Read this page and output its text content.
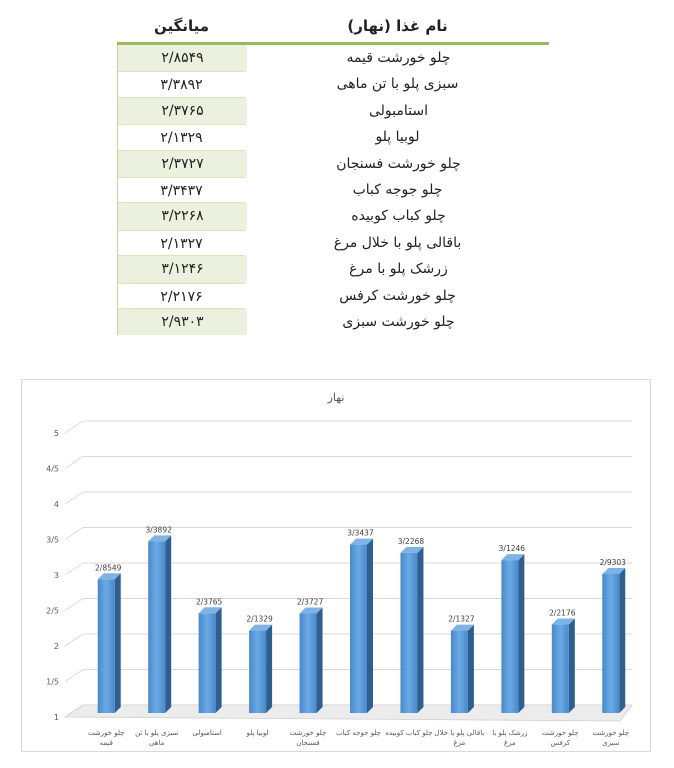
میانگین	نام غذا (نهار)
۲/۸۵۴۹	چلو خورشت قیمه
۳/۳۸۹۲	سبزی پلو با تن ماهی
۲/۳۷۶۵	استامبولی
۲/۱۳۲۹	لوبیا پلو
۲/۳۷۲۷	چلو خورشت فسنجان
۳/۳۴۳۷	چلو جوجه کباب
۳/۲۲۶۸	چلو کباب کوبیده
۲/۱۳۲۷	باقالی پلو با خلال مرغ
۳/۱۲۴۶	زرشک پلو با مرغ
۲/۲۱۷۶	چلو خورشت کرفس
۲/۹۳۰۳	چلو خورشت سبزی
نهار
1
1/5
2
2/5
3
3/5
4
4/5
5
2/8549
چلو خورشت
قیمه
3/3892
سبزی پلو با تن
ماهی
2/3765
استامبولی
2/1329
لوبیا پلو
2/3727
چلو خورشت
فسنجان
3/3437
چلو جوجه کباب
3/2268
چلو کباب کوبیده
2/1327
باقالی پلو با خلال
مرغ
3/1246
زرشک پلو با
مرغ
2/2176
چلو خورشت
کرفس
2/9303
چلو خورشت
سبزی
